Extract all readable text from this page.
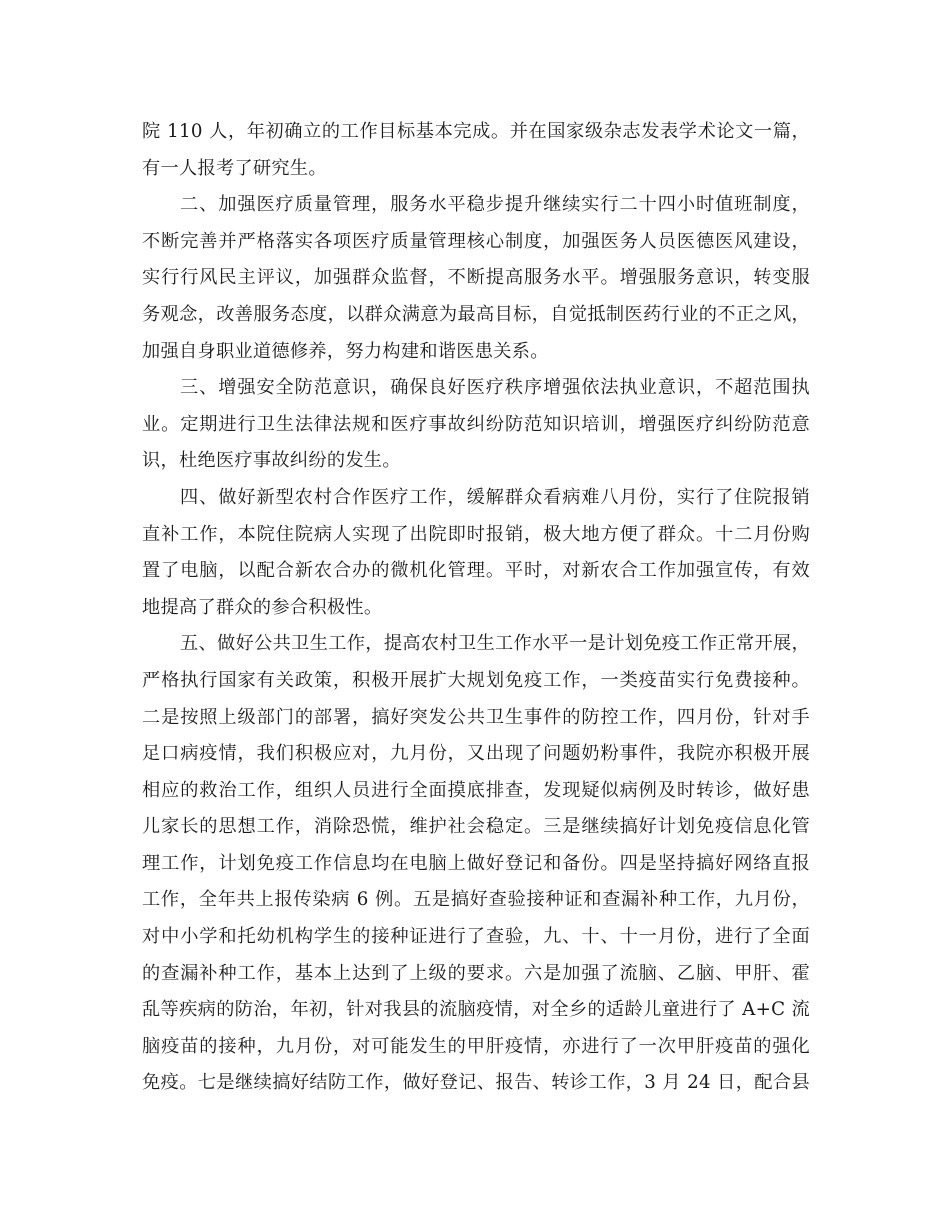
院 110 人，年初确立的工作目标基本完成。并在国家级杂志发表学术论文一篇，
有一人报考了研究生。
二、加强医疗质量管理，服务水平稳步提升继续实行二十四小时值班制度，
不断完善并严格落实各项医疗质量管理核心制度，加强医务人员医德医风建设，
实行行风民主评议，加强群众监督，不断提高服务水平。增强服务意识，转变服
务观念，改善服务态度，以群众满意为最高目标，自觉抵制医药行业的不正之风，
加强自身职业道德修养，努力构建和谐医患关系。
三、增强安全防范意识，确保良好医疗秩序增强依法执业意识，不超范围执
业。定期进行卫生法律法规和医疗事故纠纷防范知识培训，增强医疗纠纷防范意
识，杜绝医疗事故纠纷的发生。
四、做好新型农村合作医疗工作，缓解群众看病难八月份，实行了住院报销
直补工作，本院住院病人实现了出院即时报销，极大地方便了群众。十二月份购
置了电脑，以配合新农合办的微机化管理。平时，对新农合工作加强宣传，有效
地提高了群众的参合积极性。
五、做好公共卫生工作，提高农村卫生工作水平一是计划免疫工作正常开展，
严格执行国家有关政策，积极开展扩大规划免疫工作，一类疫苗实行免费接种。
二是按照上级部门的部署，搞好突发公共卫生事件的防控工作，四月份，针对手
足口病疫情，我们积极应对，九月份，又出现了问题奶粉事件，我院亦积极开展
相应的救治工作，组织人员进行全面摸底排查，发现疑似病例及时转诊，做好患
儿家长的思想工作，消除恐慌，维护社会稳定。三是继续搞好计划免疫信息化管
理工作，计划免疫工作信息均在电脑上做好登记和备份。四是坚持搞好网络直报
工作，全年共上报传染病 6 例。五是搞好查验接种证和查漏补种工作，九月份，
对中小学和托幼机构学生的接种证进行了查验，九、十、十一月份，进行了全面
的查漏补种工作，基本上达到了上级的要求。六是加强了流脑、乙脑、甲肝、霍
乱等疾病的防治，年初，针对我县的流脑疫情，对全乡的适龄儿童进行了 A+C 流
脑疫苗的接种，九月份，对可能发生的甲肝疫情，亦进行了一次甲肝疫苗的强化
免疫。七是继续搞好结防工作，做好登记、报告、转诊工作，3 月 24 日，配合县
